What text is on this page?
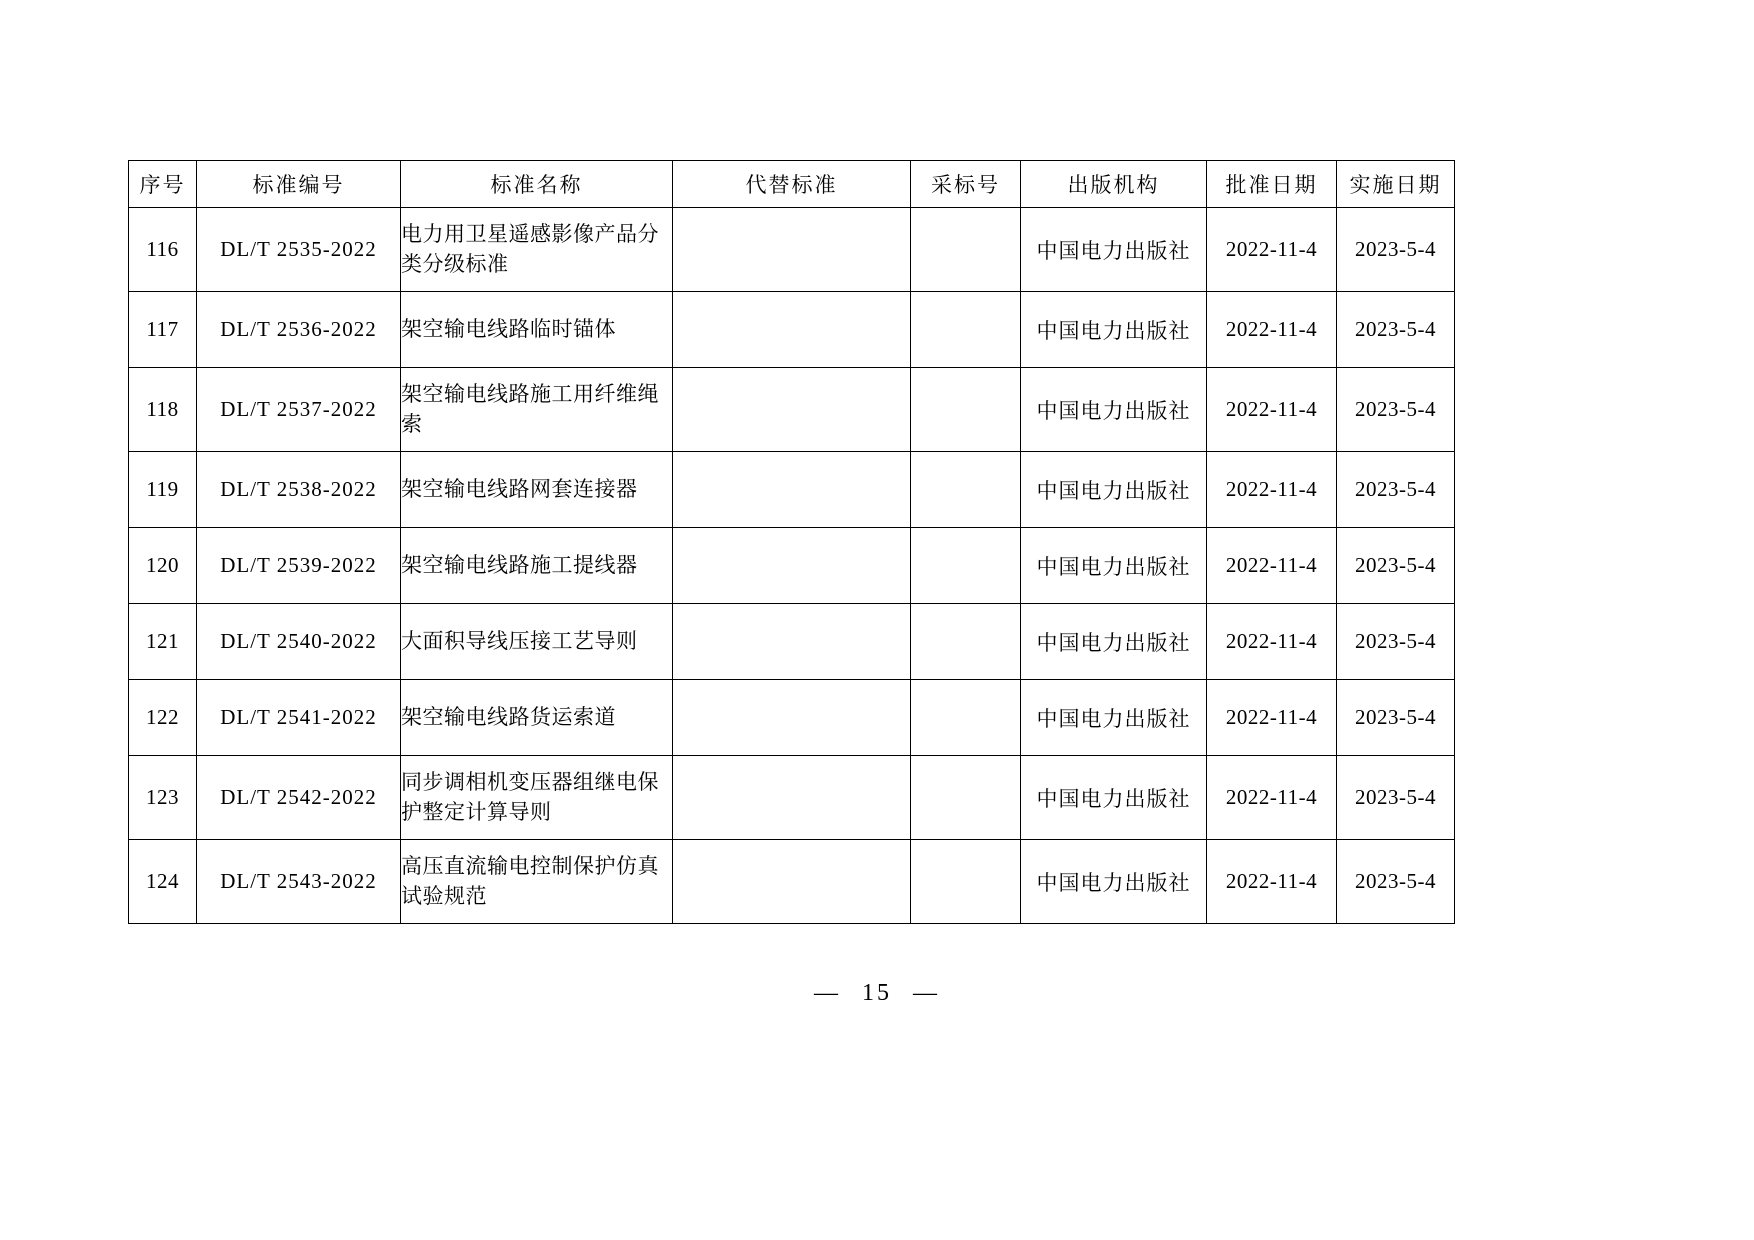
序号	标准编号	标准名称	代替标准	采标号	出版机构	批准日期	实施日期
116	DL/T 2535-2022	电力用卫星遥感影像产品分类分级标准			中国电力出版社	2022-11-4	2023-5-4
117	DL/T 2536-2022	架空输电线路临时锚体			中国电力出版社	2022-11-4	2023-5-4
118	DL/T 2537-2022	架空输电线路施工用纤维绳索			中国电力出版社	2022-11-4	2023-5-4
119	DL/T 2538-2022	架空输电线路网套连接器			中国电力出版社	2022-11-4	2023-5-4
120	DL/T 2539-2022	架空输电线路施工提线器			中国电力出版社	2022-11-4	2023-5-4
121	DL/T 2540-2022	大面积导线压接工艺导则			中国电力出版社	2022-11-4	2023-5-4
122	DL/T 2541-2022	架空输电线路货运索道			中国电力出版社	2022-11-4	2023-5-4
123	DL/T 2542-2022	同步调相机变压器组继电保护整定计算导则			中国电力出版社	2022-11-4	2023-5-4
124	DL/T 2543-2022	高压直流输电控制保护仿真试验规范			中国电力出版社	2022-11-4	2023-5-4
— 15 —
